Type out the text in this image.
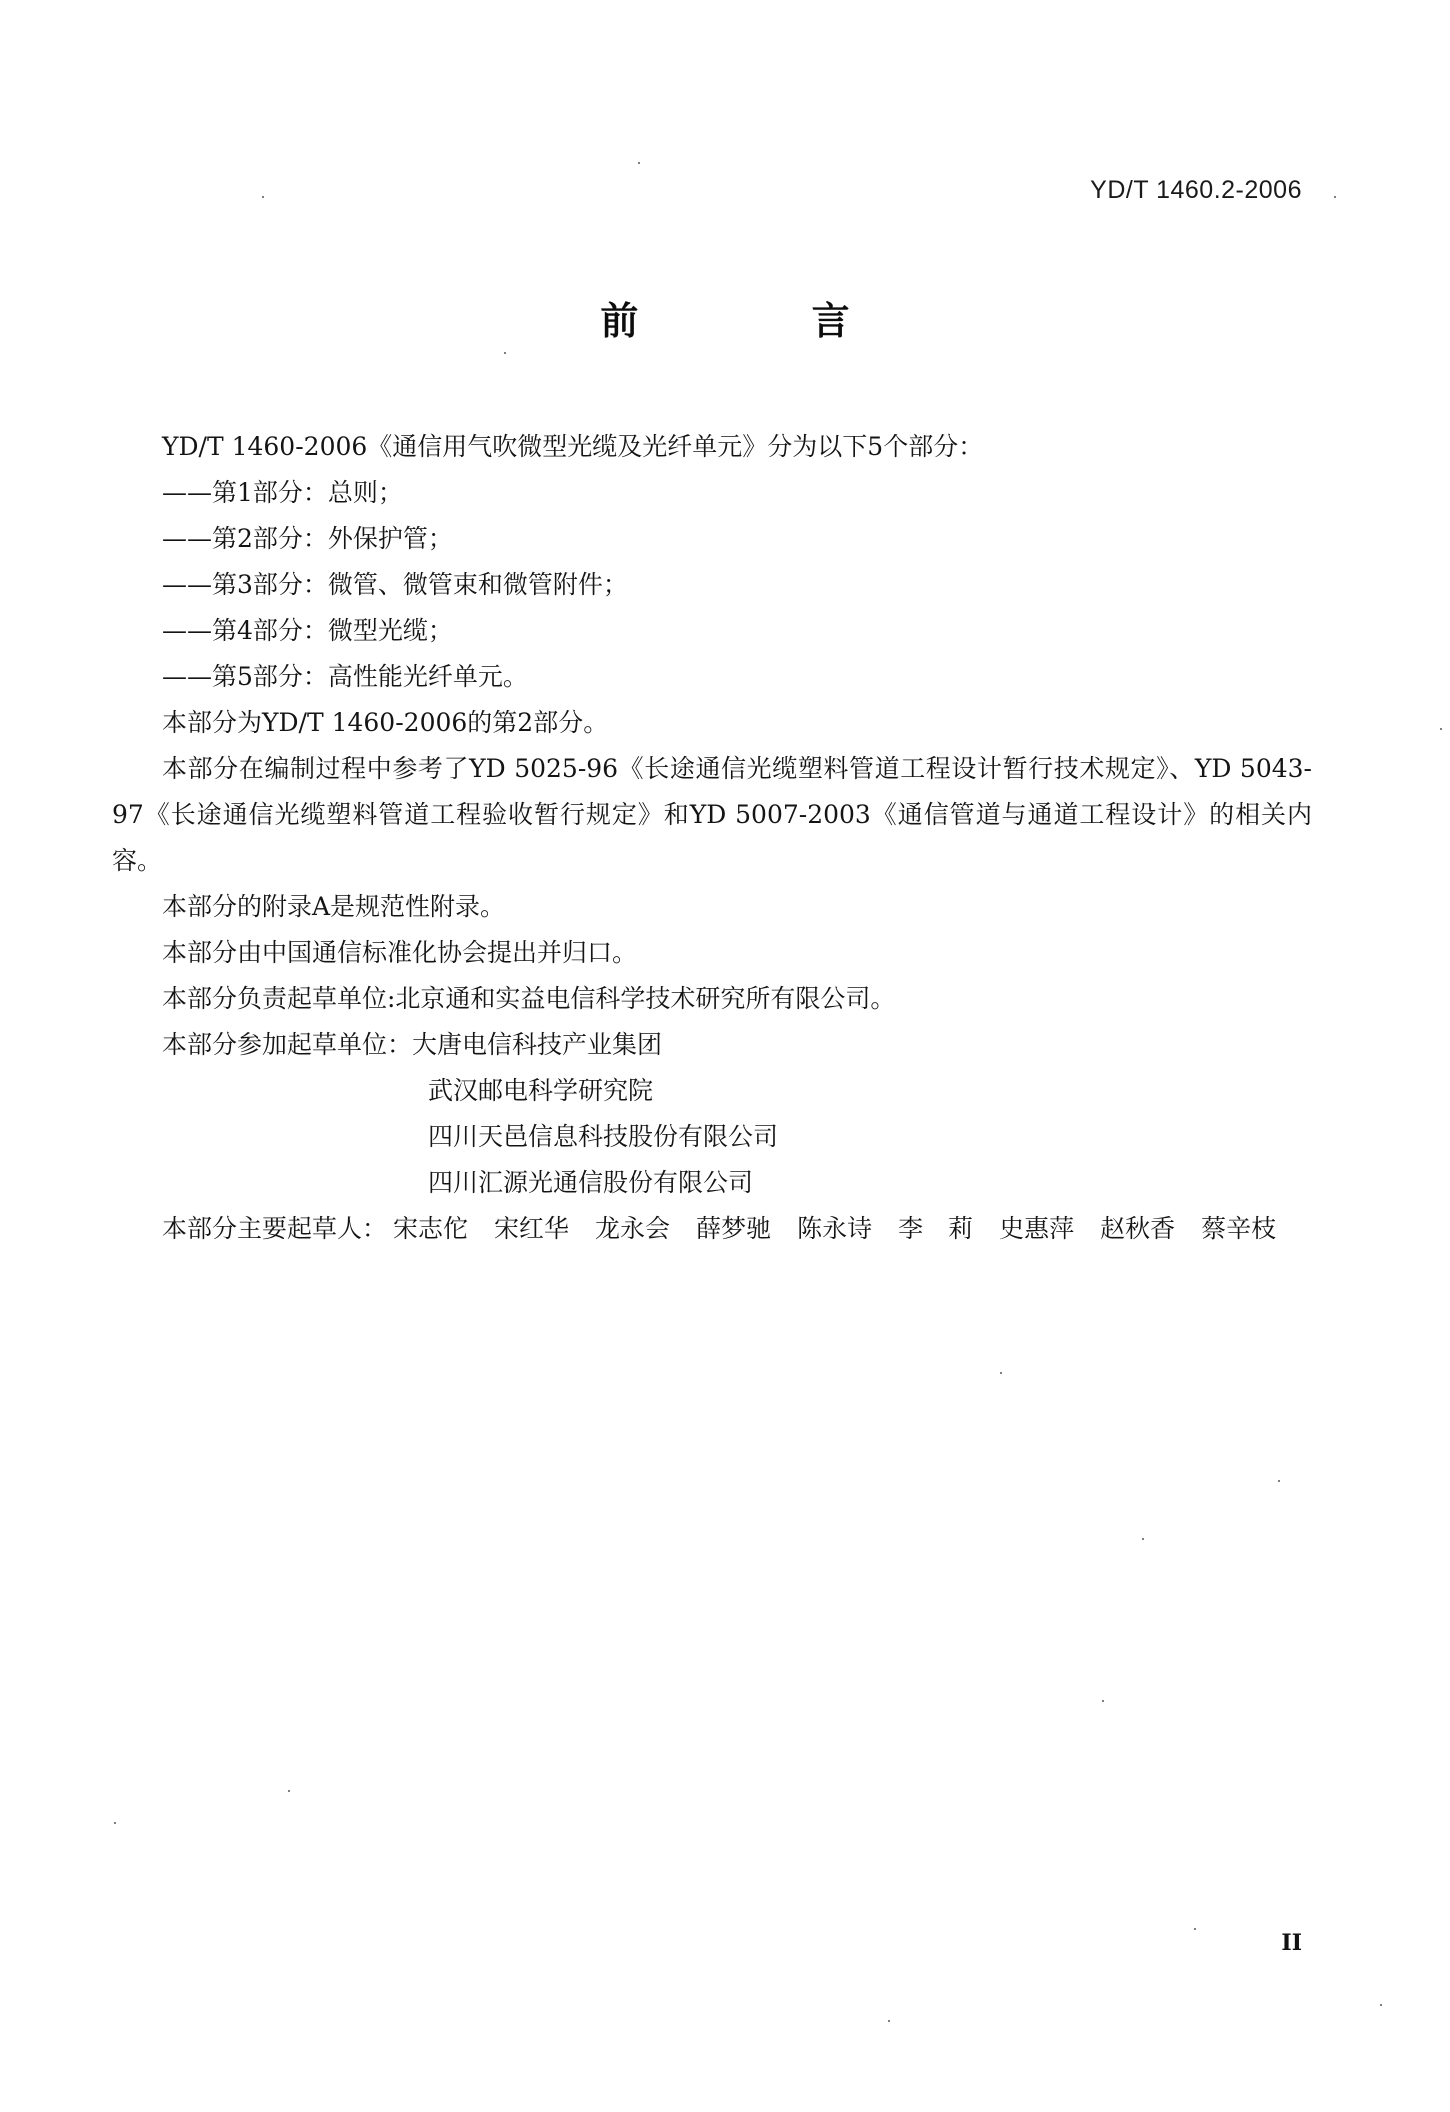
YD/T 1460.2-2006
前 言

YD/T 1460-2006《通信用气吹微型光缆及光纤单元》分为以下5个部分：

——第1部分：总则；

——第2部分：外保护管；

——第3部分：微管、微管束和微管附件；

——第4部分：微型光缆；

——第5部分：高性能光纤单元。

本部分为YD/T 1460-2006的第2部分。

本部分在编制过程中参考了YD 5025-96《长途通信光缆塑料管道工程设计暂行技术规定》、YD 5043-97《长途通信光缆塑料管道工程验收暂行规定》和YD 5007-2003《通信管道与通道工程设计》的相关内容。

本部分的附录A是规范性附录。

本部分由中国通信标准化协会提出并归口。

本部分负责起草单位:北京通和实益电信科学技术研究所有限公司。

本部分参加起草单位：大唐电信科技产业集团

武汉邮电科学研究院

四川天邑信息科技股份有限公司

四川汇源光通信股份有限公司

本部分主要起草人： 宋志佗 宋红华 龙永会 薛梦驰 陈永诗 李　莉 史惠萍 赵秋香 蔡辛枝

II
